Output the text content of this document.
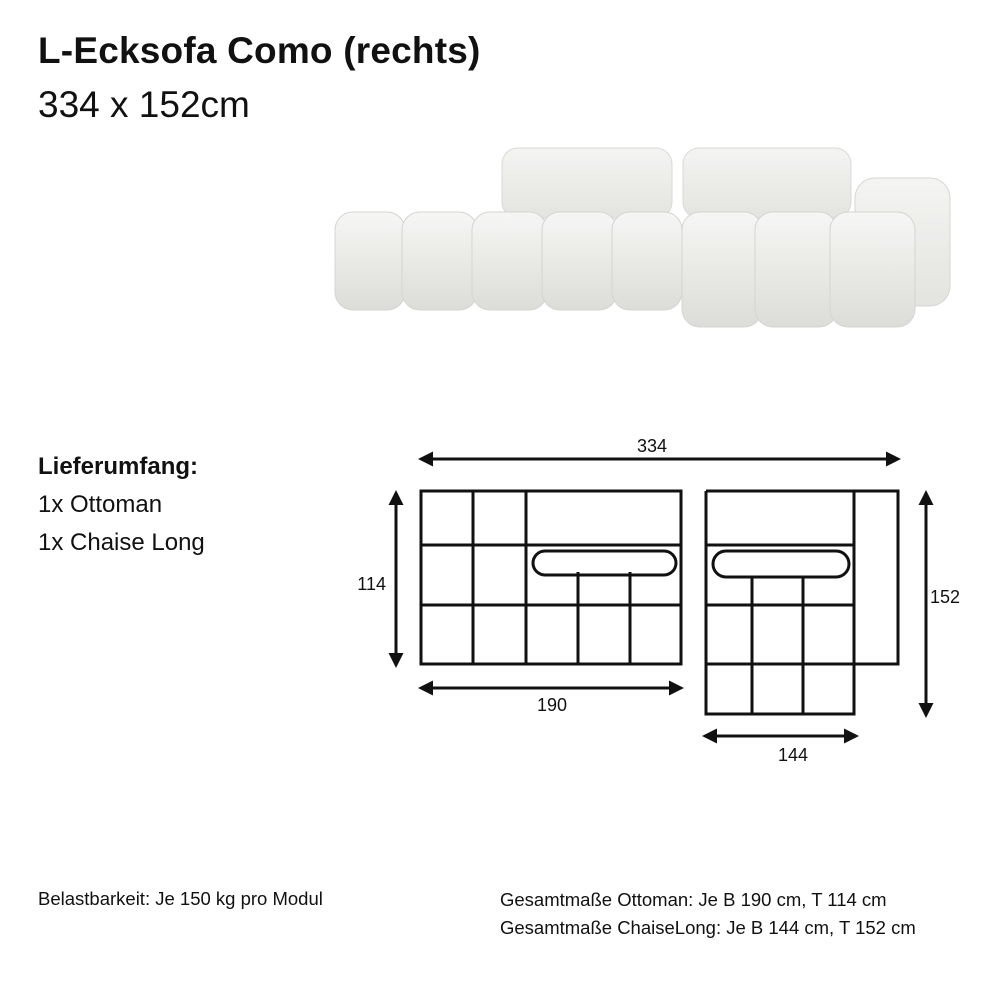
L-Ecksofa Como (rechts)
334 x 152cm
Lieferumfang:
1x Ottoman
1x Chaise Long
334
114
190
144
152
Belastbarkeit: Je 150 kg pro Modul	Gesamtmaße Ottoman: Je B 190 cm, T 114 cm
Gesamtmaße ChaiseLong: Je B 144 cm, T 152 cm
